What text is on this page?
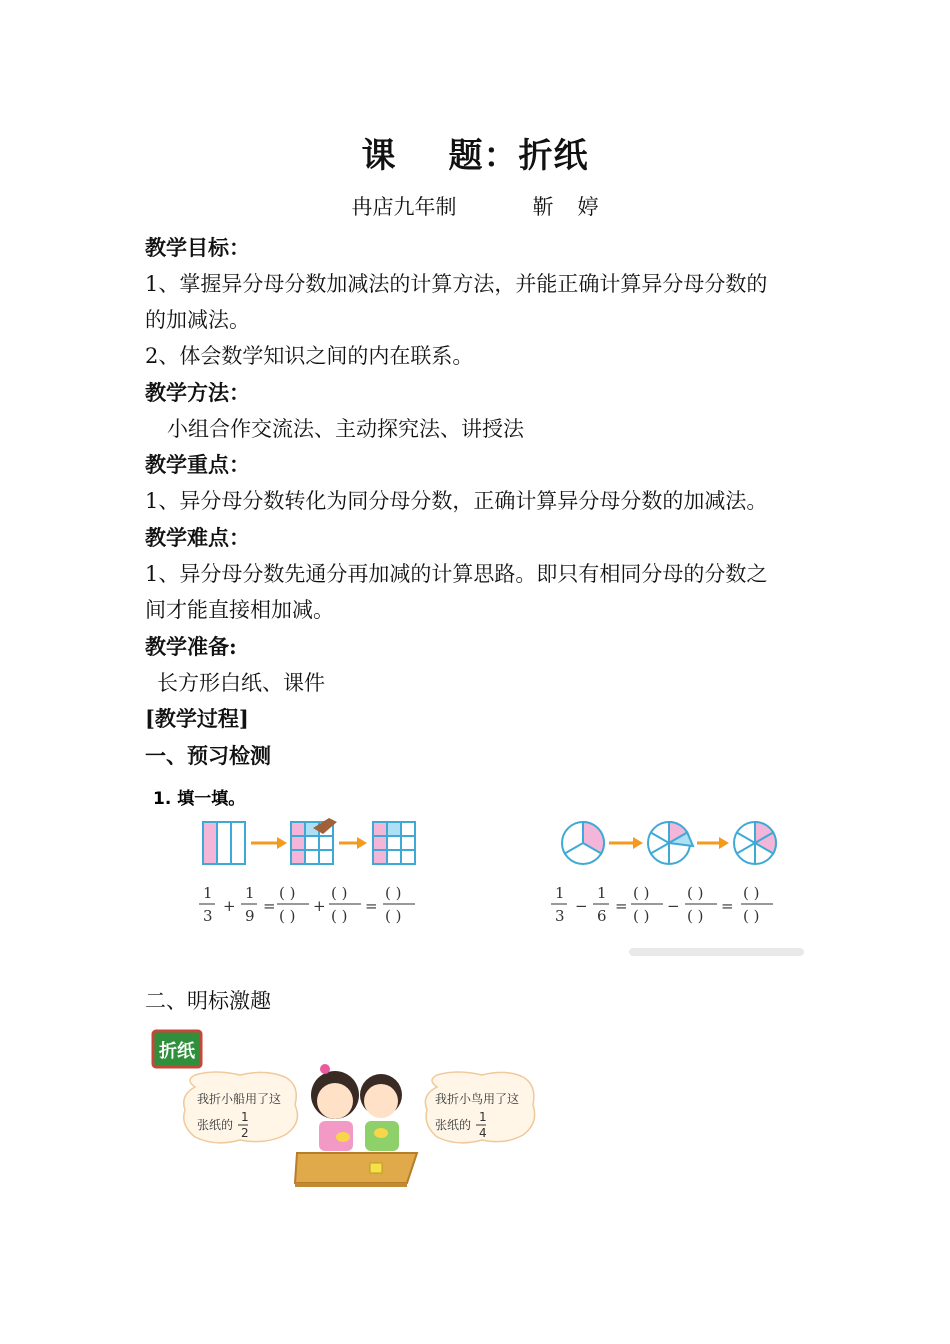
课 题：折纸
冉店九年制	靳 婷
教学目标：
1、掌握异分母分数加减法的计算方法，并能正确计算异分母分数的
的加减法。
2、体会数学知识之间的内在联系。
教学方法：
小组合作交流法、主动探究法、讲授法
教学重点：
1、异分母分数转化为同分母分数，正确计算异分母分数的加减法。
教学难点：
1、异分母分数先通分再加减的计算思路。即只有相同分母的分数之
间才能直接相加减。
教学准备:
长方形白纸、课件
[教学过程]
一、预习检测
1. 填一填。
1
3
+
1
9
=
( )
( )
+
( )
( )
=
( )
( )
1
3
−
1
6
=
( )
( )
−
( )
( )
=
( )
( )
二、明标激趣
折纸
我折小船用了这
张纸的
1
2
我折小鸟用了这
张纸的
1
4
